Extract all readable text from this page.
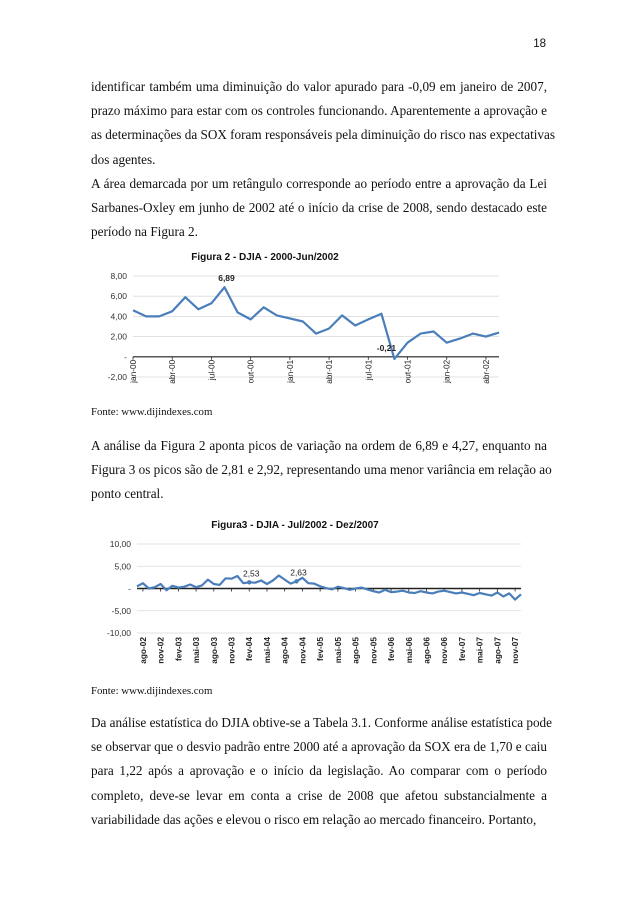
18

identificar também uma diminuição do valor apurado para -0,09 em janeiro de 2007,
prazo máximo para estar com os controles funcionando. Aparentemente a aprovação e
as determinações da SOX foram responsáveis pela diminuição do risco nas expectativas
dos agentes.

A área demarcada por um retângulo corresponde ao período entre a aprovação da Lei
Sarbanes-Oxley em junho de 2002 até o início da crise de 2008, sendo destacado este
período na Figura 2.

Figura 2 - DJIA - 2000-Jun/2002
-2,00
-
2,00
4,00
6,00
8,00
jan-00	abr-00	jul-00	out-00	jan-01	abr-01	jul-01	out-01	jan-02	abr-02
6,89
-0,21
Fonte: www.dijindexes.com

A análise da Figura 2 aponta picos de variação na ordem de 6,89 e 4,27, enquanto na
Figura 3 os picos são de 2,81 e 2,92, representando uma menor variância em relação ao
ponto central.

Figura3 - DJIA - Jul/2002 - Dez/2007
-10,00
-5,00
-
5,00
10,00
ago-02 nov-02 fev-03 mai-03 ago-03 nov-03 fev-04 mai-04 ago-04 nov-04 fev-05 mai-05 ago-05 nov-05 fev-06 mai-06 ago-06 nov-06 fev-07 mai-07 ago-07 nov-07
2,53	2,63
Fonte: www.dijindexes.com

Da análise estatística do DJIA obtive-se a Tabela 3.1. Conforme análise estatística pode
se observar que o desvio padrão entre 2000 até a aprovação da SOX era de 1,70 e caiu
para 1,22 após a aprovação e o início da legislação. Ao comparar com o período
completo, deve-se levar em conta a crise de 2008 que afetou substancialmente a
variabilidade das ações e elevou o risco em relação ao mercado financeiro. Portanto,
